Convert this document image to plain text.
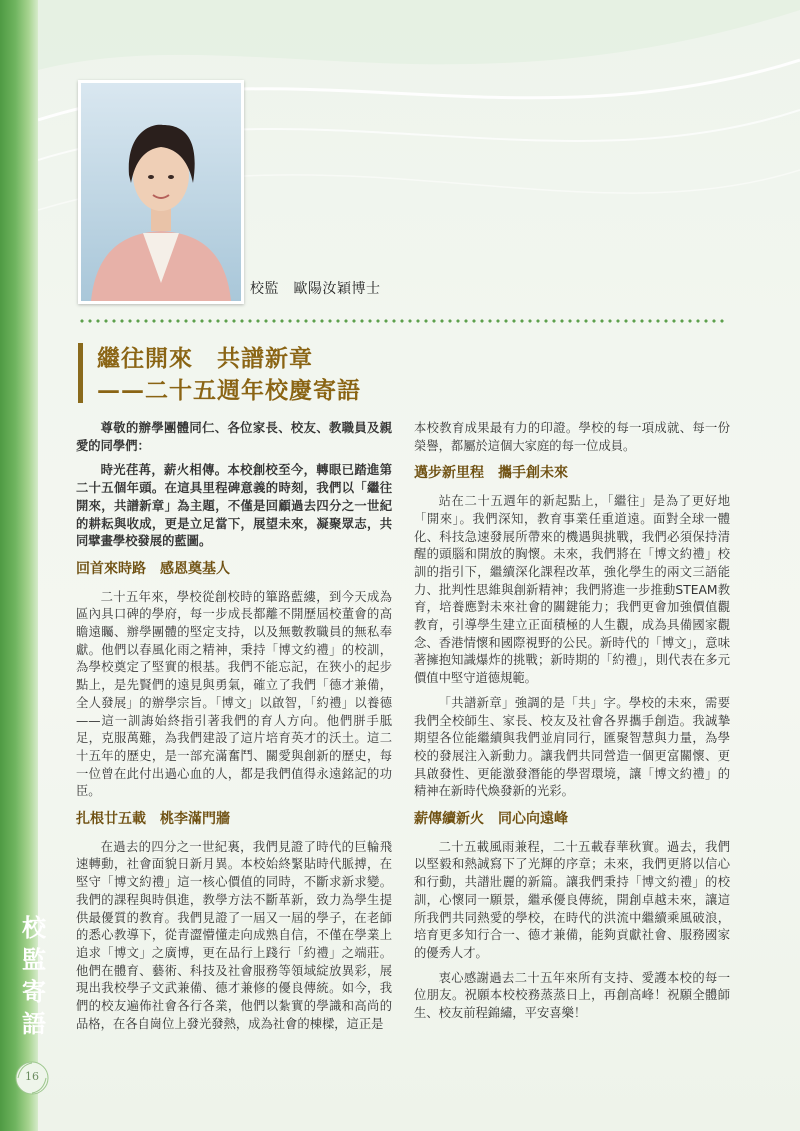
校
監
寄
語
16
校監　歐陽汝穎博士
繼往開來　共譜新章
——二十五週年校慶寄語

尊敬的辦學團體同仁、各位家長、校友、教職員及親愛的同學們：

時光荏苒，薪火相傳。本校創校至今，轉眼已踏進第二十五個年頭。在這具里程碑意義的時刻，我們以「繼往開來，共譜新章」為主題，不僅是回顧過去四分之一世紀的耕耘與收成，更是立足當下，展望未來，凝聚眾志，共同擘畫學校發展的藍圖。

回首來時路　感恩奠基人

二十五年來，學校從創校時的篳路藍縷，到今天成為區內具口碑的學府，每一步成長都離不開歷屆校董會的高瞻遠矚、辦學團體的堅定支持，以及無數教職員的無私奉獻。他們以春風化雨之精神，秉持「博文約禮」的校訓，為學校奠定了堅實的根基。我們不能忘記，在狹小的起步點上，是先賢們的遠見與勇氣，確立了我們「德才兼備，全人發展」的辦學宗旨。「博文」以啟智，「約禮」以養德——這一訓誨始終指引著我們的育人方向。他們胼手胝足，克服萬難，為我們建設了這片培育英才的沃土。這二十五年的歷史，是一部充滿奮鬥、關愛與創新的歷史，每一位曾在此付出過心血的人，都是我們值得永遠銘記的功臣。

扎根廿五載　桃李滿門牆

在過去的四分之一世紀裏，我們見證了時代的巨輪飛速轉動，社會面貌日新月異。本校始終緊貼時代脈搏，在堅守「博文約禮」這一核心價值的同時，不斷求新求變。我們的課程與時俱進，教學方法不斷革新，致力為學生提供最優質的教育。我們見證了一屆又一屆的學子，在老師的悉心教導下，從青澀懵懂走向成熟自信，不僅在學業上追求「博文」之廣博，更在品行上踐行「約禮」之端莊。他們在體育、藝術、科技及社會服務等領域綻放異彩，展現出我校學子文武兼備、德才兼修的優良傳統。如今，我們的校友遍佈社會各行各業，他們以紮實的學識和高尚的品格，在各自崗位上發光發熱，成為社會的棟樑，這正是

本校教育成果最有力的印證。學校的每一項成就、每一份榮譽，都屬於這個大家庭的每一位成員。

邁步新里程　攜手創未來

站在二十五週年的新起點上，「繼往」是為了更好地「開來」。我們深知，教育事業任重道遠。面對全球一體化、科技急速發展所帶來的機遇與挑戰，我們必須保持清醒的頭腦和開放的胸懷。未來，我們將在「博文約禮」校訓的指引下，繼續深化課程改革，強化學生的兩文三語能力、批判性思維與創新精神；我們將進一步推動STEAM教育，培養應對未來社會的關鍵能力；我們更會加強價值觀教育，引導學生建立正面積極的人生觀，成為具備國家觀念、香港情懷和國際視野的公民。新時代的「博文」，意味著擁抱知識爆炸的挑戰；新時期的「約禮」，則代表在多元價值中堅守道德規範。

「共譜新章」強調的是「共」字。學校的未來，需要我們全校師生、家長、校友及社會各界攜手創造。我誠摯期望各位能繼續與我們並肩同行，匯聚智慧與力量，為學校的發展注入新動力。讓我們共同營造一個更富關懷、更具啟發性、更能激發潛能的學習環境，讓「博文約禮」的精神在新時代煥發新的光彩。

薪傳續新火　同心向遠峰

二十五載風雨兼程，二十五載春華秋實。過去，我們以堅毅和熱誠寫下了光輝的序章；未來，我們更將以信心和行動，共譜壯麗的新篇。讓我們秉持「博文約禮」的校訓，心懷同一願景，繼承優良傳統，開創卓越未來，讓這所我們共同熱愛的學校，在時代的洪流中繼續乘風破浪，培育更多知行合一、德才兼備，能夠貢獻社會、服務國家的優秀人才。

衷心感謝過去二十五年來所有支持、愛護本校的每一位朋友。祝願本校校務蒸蒸日上，再創高峰！祝願全體師生、校友前程錦繡，平安喜樂！
